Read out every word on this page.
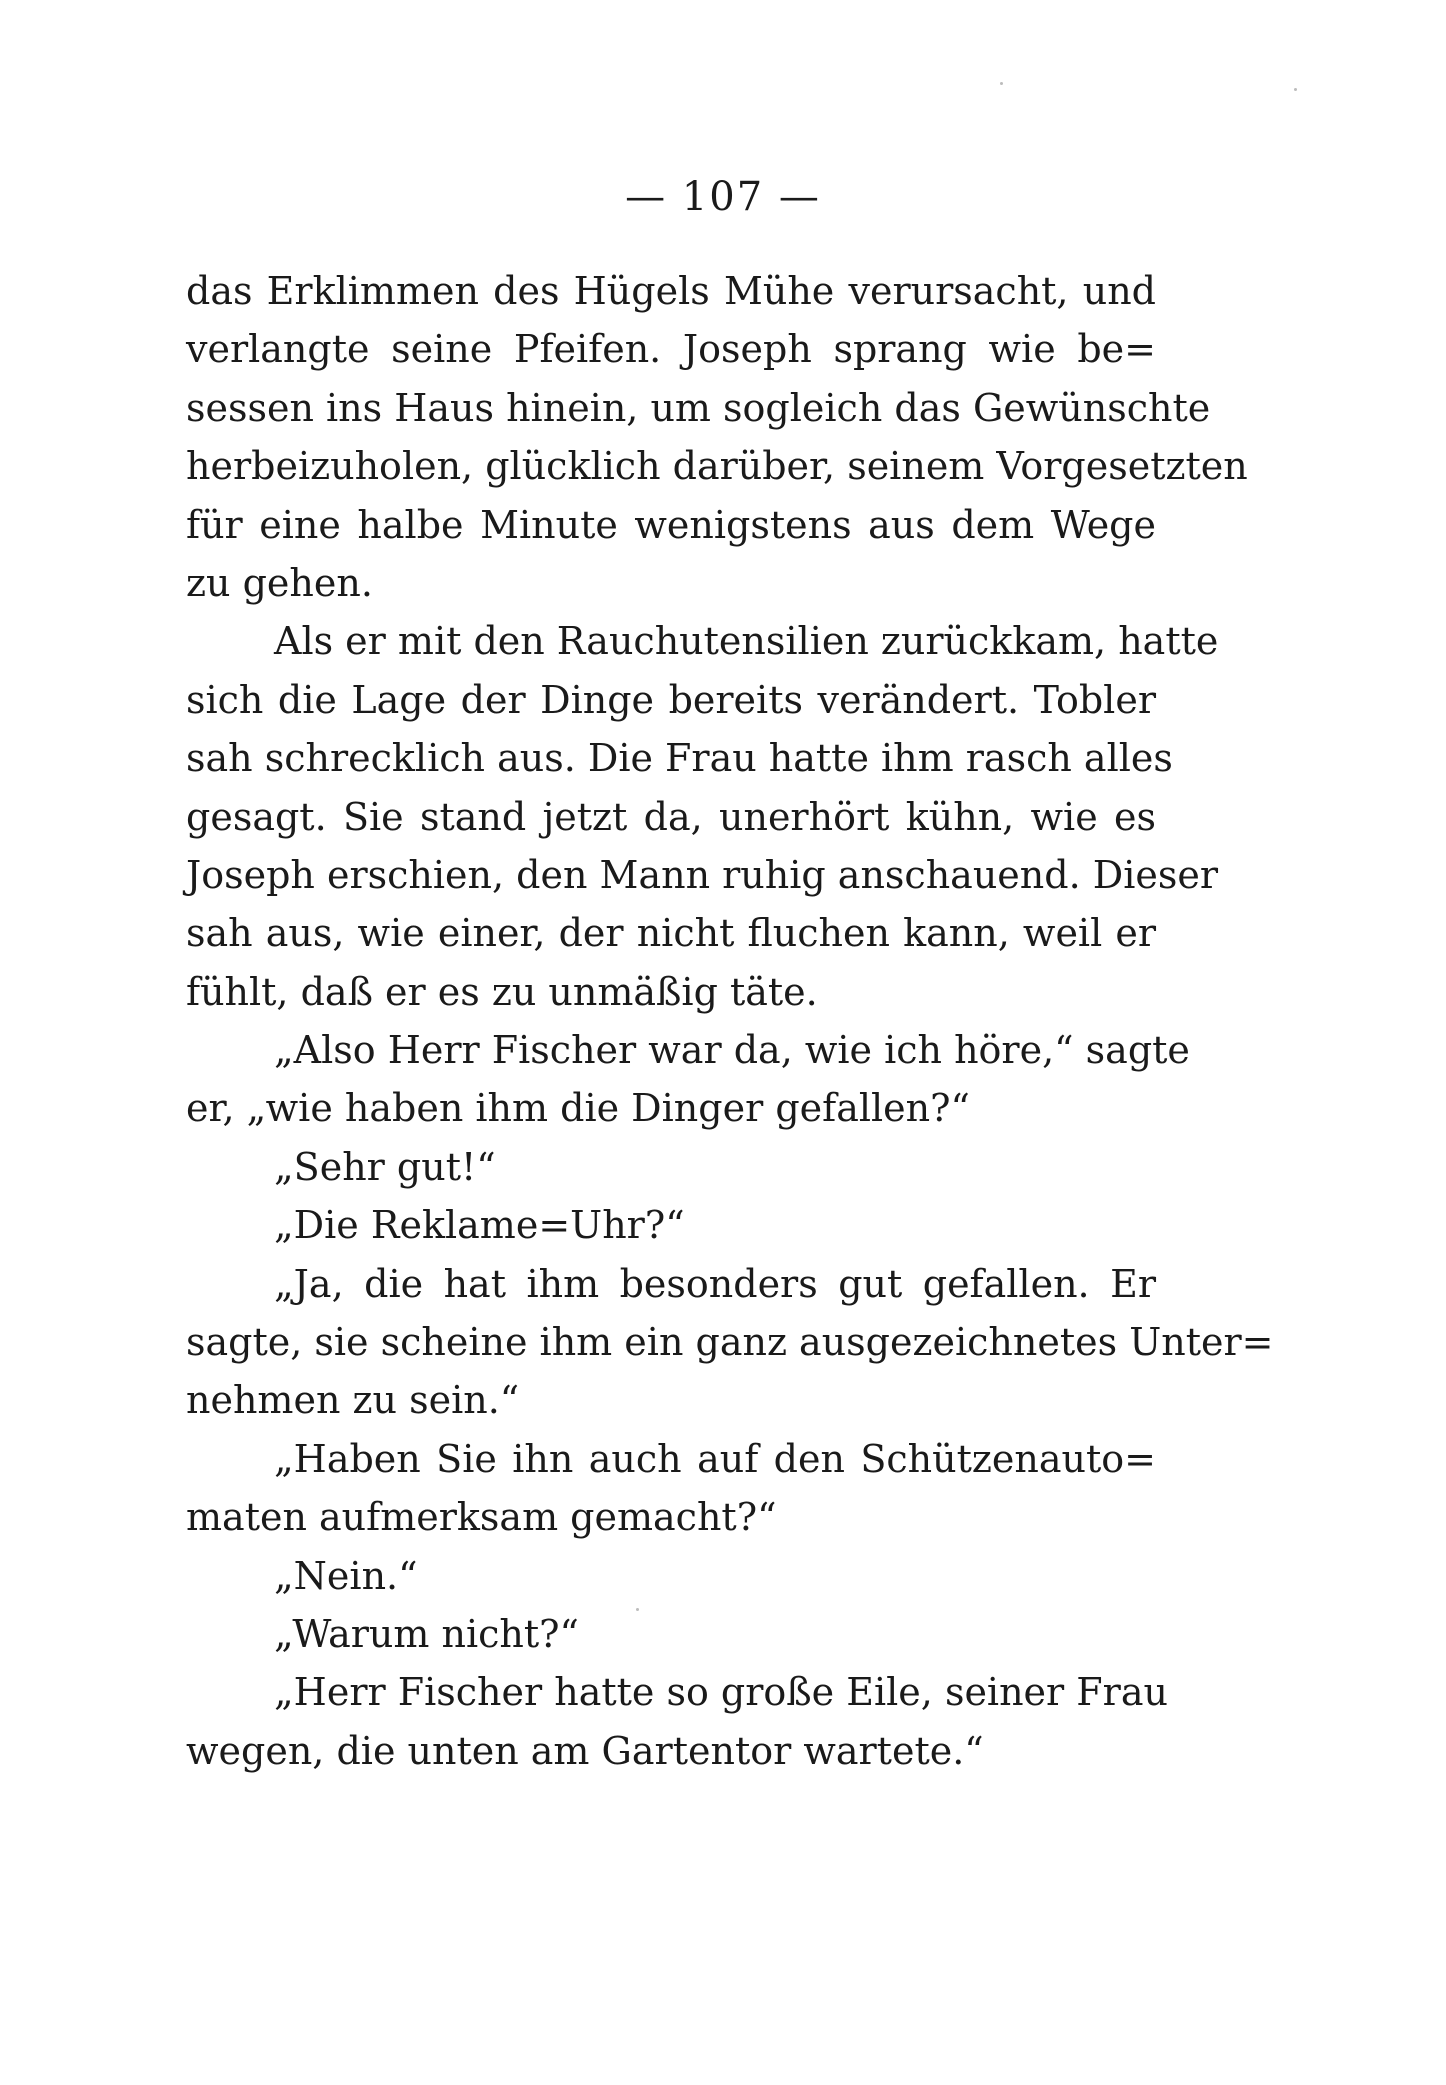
— 107 —
das Erklimmen des Hügels Mühe verursacht, und
verlangte seine Pfeifen. Joseph sprang wie be=
sessen ins Haus hinein, um sogleich das Gewünschte
herbeizuholen, glücklich darüber, seinem Vorgesetzten
für eine halbe Minute wenigstens aus dem Wege
zu gehen.
Als er mit den Rauchutensilien zurückkam, hatte
sich die Lage der Dinge bereits verändert. Tobler
sah schrecklich aus. Die Frau hatte ihm rasch alles
gesagt. Sie stand jetzt da, unerhört kühn, wie es
Joseph erschien, den Mann ruhig anschauend. Dieser
sah aus, wie einer, der nicht fluchen kann, weil er
fühlt, daß er es zu unmäßig täte.
„Also Herr Fischer war da, wie ich höre,“ sagte
er, „wie haben ihm die Dinger gefallen?“
„Sehr gut!“
„Die Reklame=Uhr?“
„Ja, die hat ihm besonders gut gefallen. Er
sagte, sie scheine ihm ein ganz ausgezeichnetes Unter=
nehmen zu sein.“
„Haben Sie ihn auch auf den Schützenauto=
maten aufmerksam gemacht?“
„Nein.“
„Warum nicht?“
„Herr Fischer hatte so große Eile, seiner Frau
wegen, die unten am Gartentor wartete.“
